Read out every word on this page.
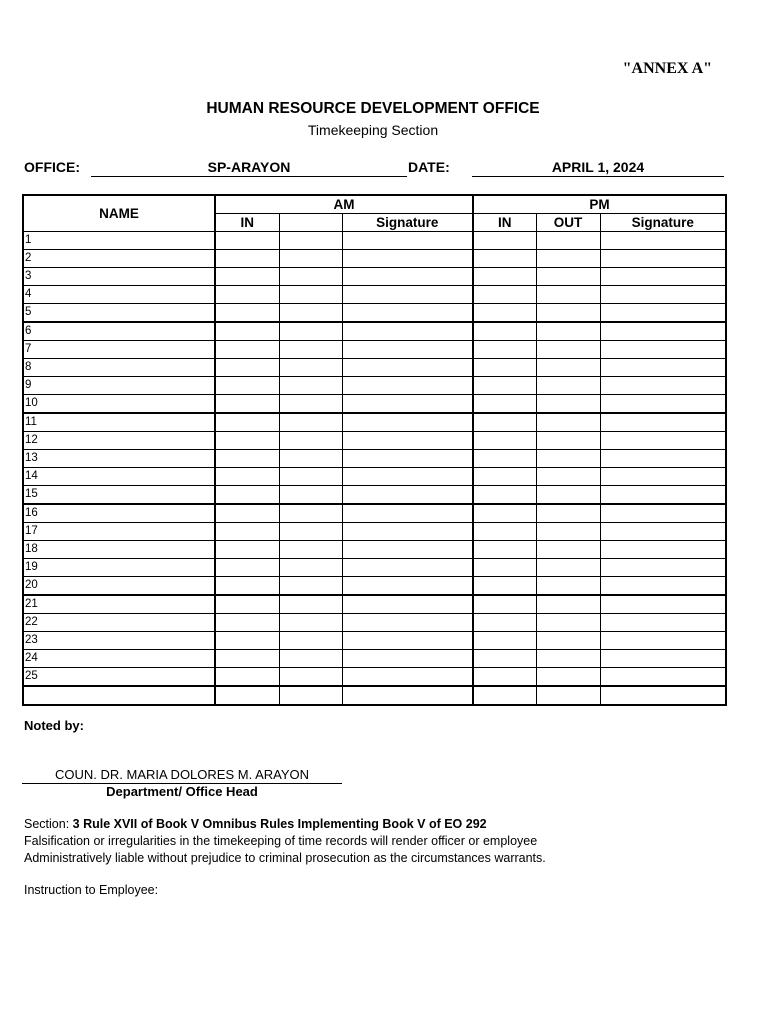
"ANNEX A"
HUMAN RESOURCE DEVELOPMENT OFFICE
Timekeeping Section
OFFICE:	SP-ARAYON	DATE:	APRIL 1, 2024
NAME	AM			PM		
	IN		Signature	IN	OUT	Signature
1						
2						
3						
4						
5						
6						
7						
8						
9						
10						
11						
12						
13						
14						
15						
16						
17						
18						
19						
20						
21						
22						
23						
24						
25						

Noted by:
COUN. DR. MARIA DOLORES M. ARAYON
Department/ Office Head
Section: 3 Rule XVII of Book V Omnibus Rules Implementing Book V of EO 292
Falsification or irregularities in the timekeeping of time records will render officer or employee
Administratively liable without prejudice to criminal prosecution as the circumstances warrants.
Instruction to Employee:
